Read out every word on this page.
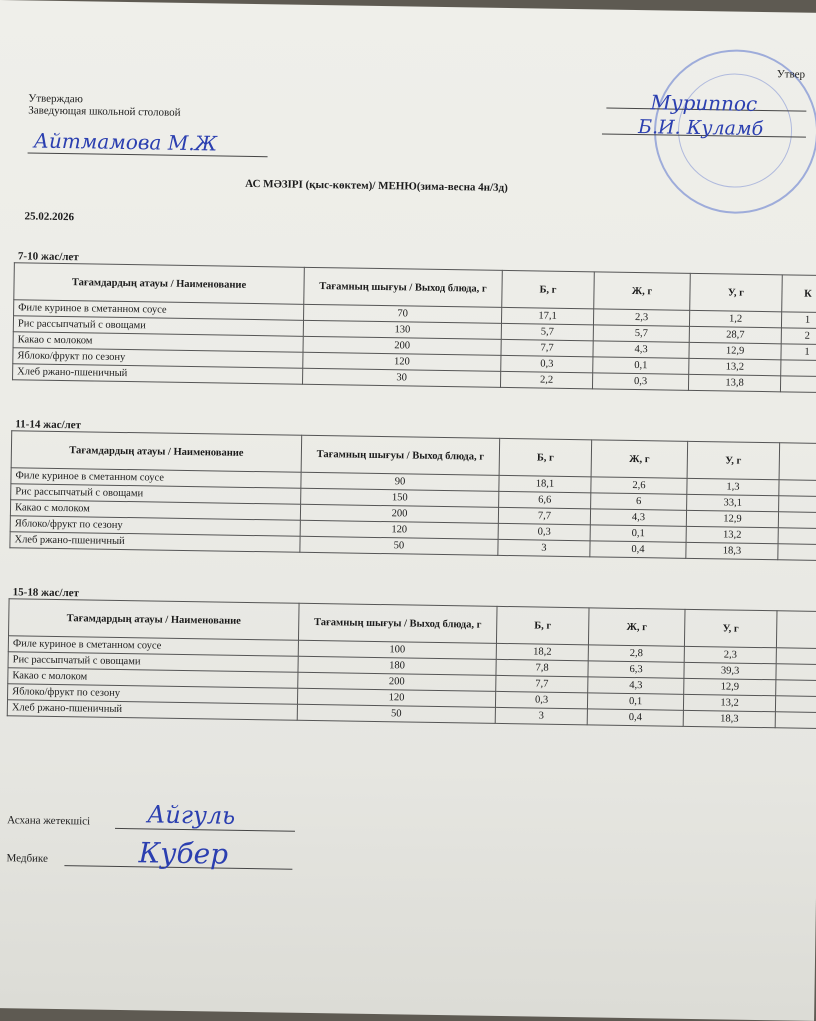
Утверждаю
Заведующая школьной столовой
Айтмамова М.Ж
Утвер
Муриппос
Б.И. Куламб
АС МӘЗІРІ (қыс-көктем)/ МЕНЮ(зима-весна 4н/3д)
25.02.2026
7-10 жас/лет
Тағамдардың атауы / Наименование	Тағамның шығуы / Выход блюда, г	Б, г	Ж, г	У, г	К
Филе куриное в сметанном соусе	70	17,1	2,3	1,2	1
Рис рассыпчатый с овощами	130	5,7	5,7	28,7	2
Какао с молоком	200	7,7	4,3	12,9	1
Яблоко/фрукт по сезону	120	0,3	0,1	13,2	
Хлеб ржано-пшеничный	30	2,2	0,3	13,8	
11-14 жас/лет
Тағамдардың атауы / Наименование	Тағамның шығуы / Выход блюда, г	Б, г	Ж, г	У, г	
Филе куриное в сметанном соусе	90	18,1	2,6	1,3	
Рис рассыпчатый с овощами	150	6,6	6	33,1	
Какао с молоком	200	7,7	4,3	12,9	
Яблоко/фрукт по сезону	120	0,3	0,1	13,2	
Хлеб ржано-пшеничный	50	3	0,4	18,3	
15-18 жас/лет
Тағамдардың атауы / Наименование	Тағамның шығуы / Выход блюда, г	Б, г	Ж, г	У, г	
Филе куриное в сметанном соусе	100	18,2	2,8	2,3	
Рис рассыпчатый с овощами	180	7,8	6,3	39,3	
Какао с молоком	200	7,7	4,3	12,9	
Яблоко/фрукт по сезону	120	0,3	0,1	13,2	
Хлеб ржано-пшеничный	50	3	0,4	18,3	
Асхана жетекшісі Айгуль
Медбике	Кубер
